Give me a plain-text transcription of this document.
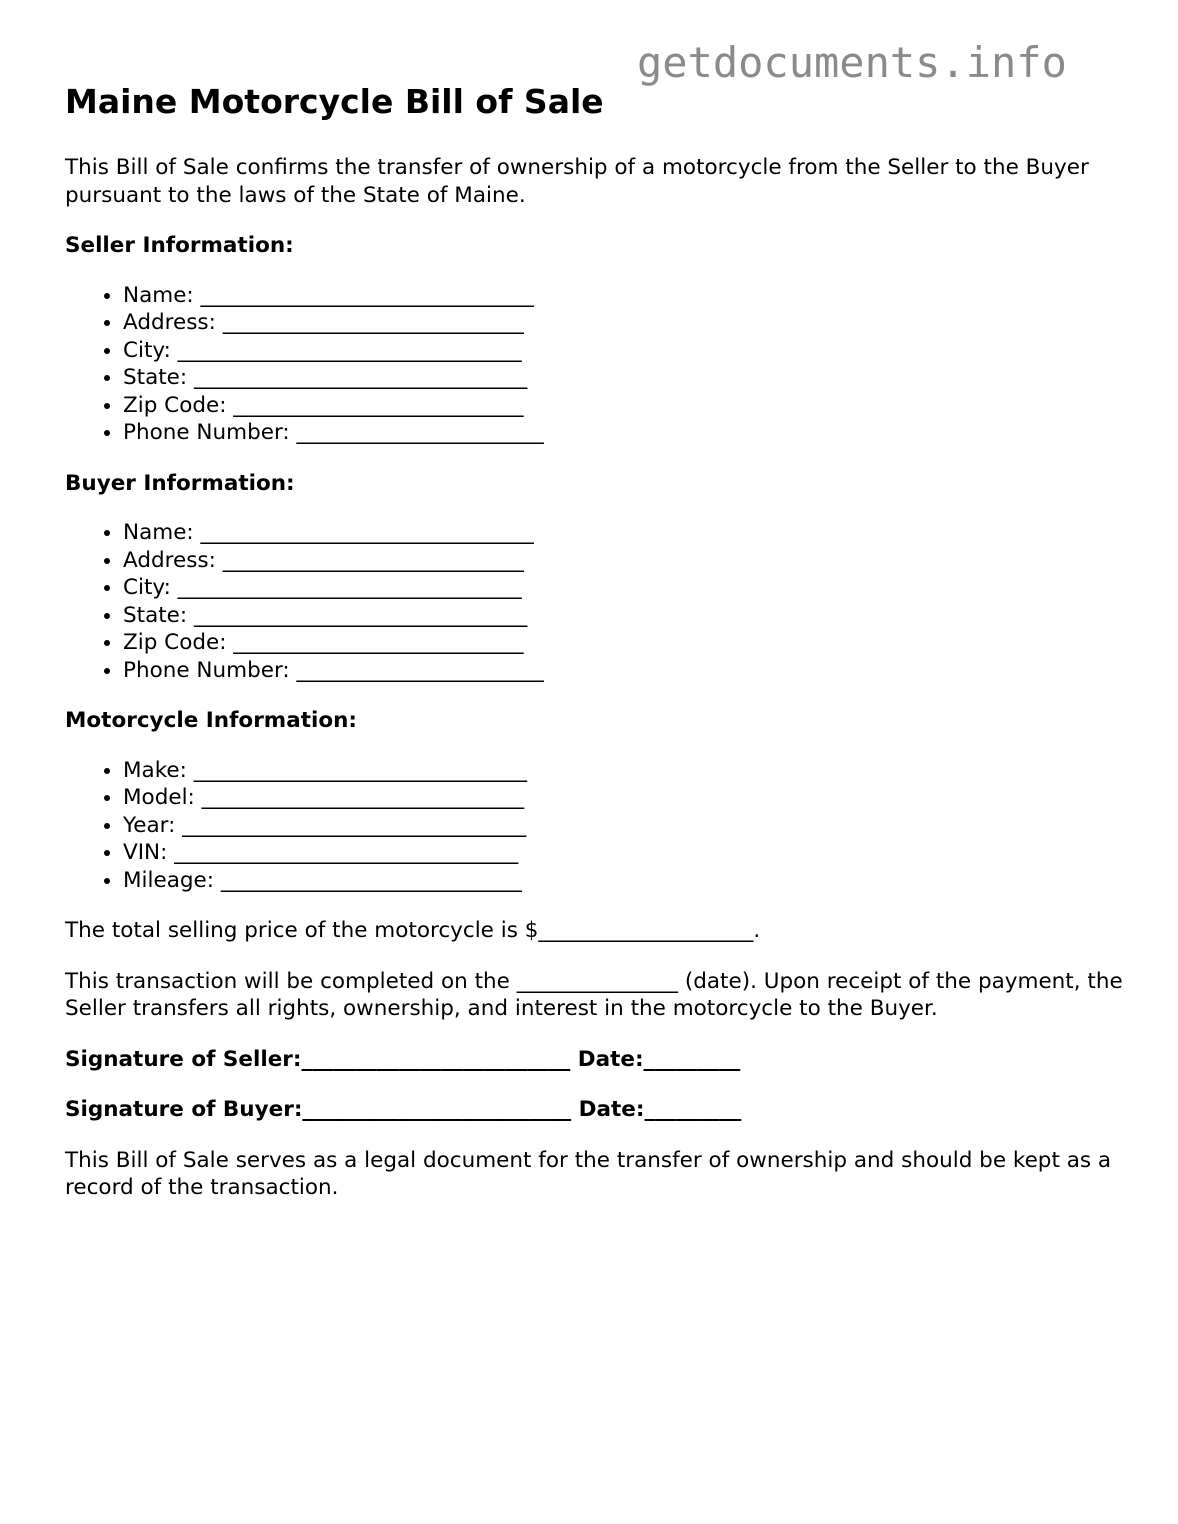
getdocuments.info
Maine Motorcycle Bill of Sale

This Bill of Sale confirms the transfer of ownership of a motorcycle from the Seller to the Buyer pursuant to the laws of the State of Maine.

Seller Information:

• Name: _______________________________
• Address: ____________________________
• City: ________________________________
• State: _______________________________
• Zip Code: ___________________________
• Phone Number: _______________________

Buyer Information:

• Name: _______________________________
• Address: ____________________________
• City: ________________________________
• State: _______________________________
• Zip Code: ___________________________
• Phone Number: _______________________

Motorcycle Information:

• Make: _______________________________
• Model: ______________________________
• Year: ________________________________
• VIN: ________________________________
• Mileage: ____________________________

The total selling price of the motorcycle is $____________________.

This transaction will be completed on the _______________ (date). Upon receipt of the payment, the Seller transfers all rights, ownership, and interest in the motorcycle to the Buyer.

Signature of Seller:_________________________ Date:_________

Signature of Buyer:_________________________ Date:_________

This Bill of Sale serves as a legal document for the transfer of ownership and should be kept as a record of the transaction.
